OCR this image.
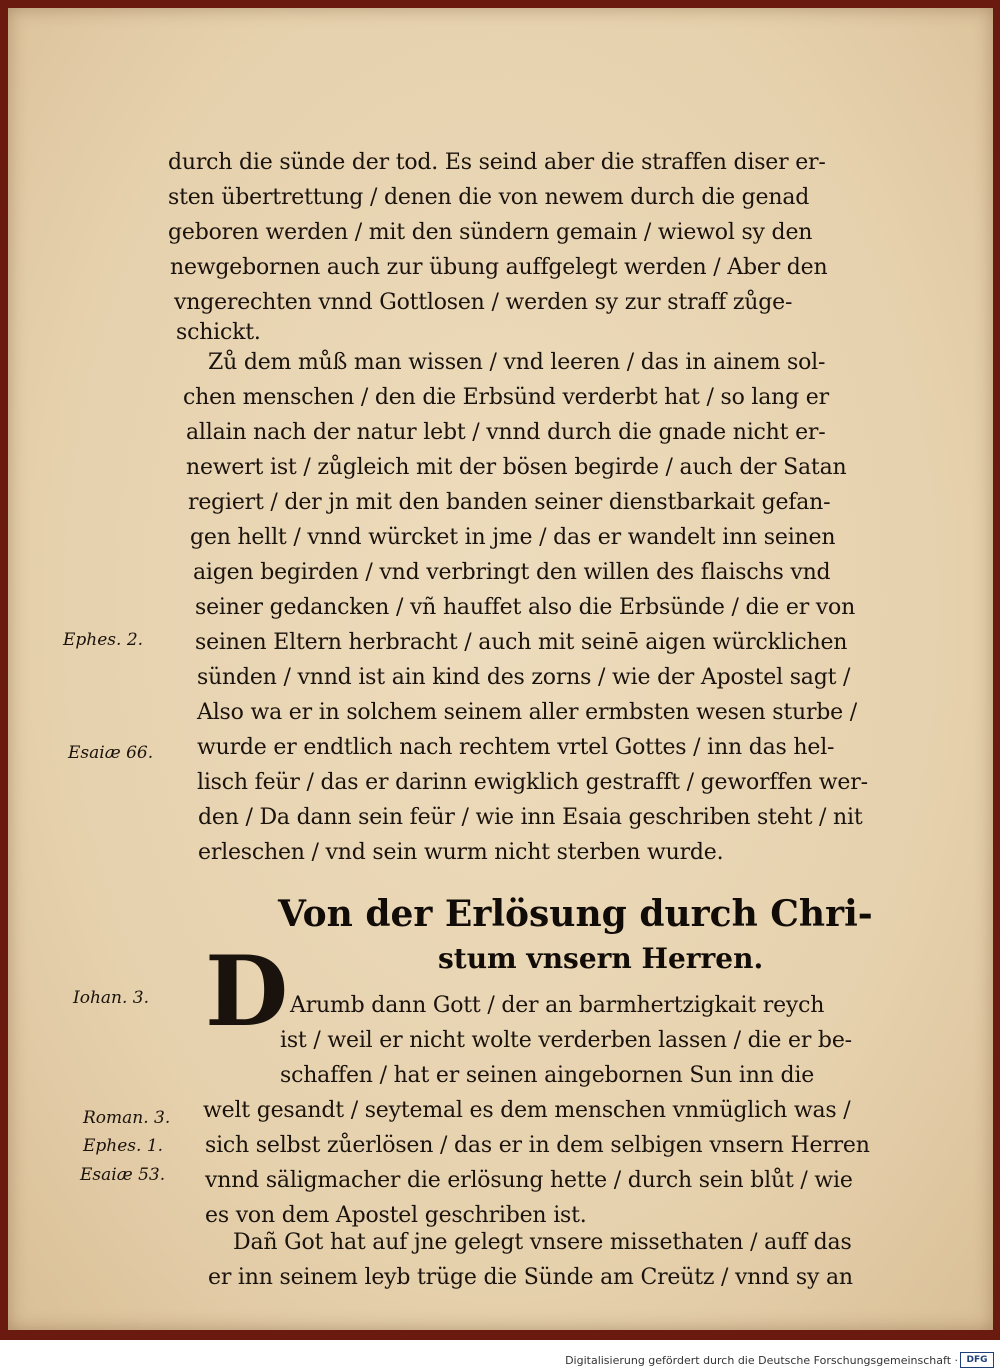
durch die sünde der tod. Es seind aber die straffen diser er-
sten übertrettung / denen die von newem durch die genad
geboren werden / mit den sündern gemain / wiewol sy den
newgebornen auch zur übung auffgelegt werden / Aber den
vngerechten vnnd Gottlosen / werden sy zur straff zůge-
schickt.
Zů dem můß man wissen / vnd leeren / das in ainem sol-
chen menschen / den die Erbsünd verderbt hat / so lang er
allain nach der natur lebt / vnnd durch die gnade nicht er-
newert ist / zůgleich mit der bösen begirde / auch der Satan
regiert / der jn mit den banden seiner dienstbarkait gefan-
gen hellt / vnnd würcket in jme / das er wandelt inn seinen
aigen begirden / vnd verbringt den willen des flaischs vnd
seiner gedancken / vñ hauffet also die Erbsünde / die er von
seinen Eltern herbracht / auch mit seinē aigen würcklichen
sünden / vnnd ist ain kind des zorns / wie der Apostel sagt /
Also wa er in solchem seinem aller ermbsten wesen sturbe /
wurde er endtlich nach rechtem vrtel Gottes / inn das hel-
lisch feür / das er darinn ewigklich gestrafft / geworffen wer-
den / Da dann sein feür / wie inn Esaia geschriben steht / nit
erleschen / vnd sein wurm nicht sterben wurde.
Von der Erlösung durch Chri-
stum vnsern Herren.
D Arumb dann Gott / der an barmhertzigkait reych
ist / weil er nicht wolte verderben lassen / die er be-
schaffen / hat er seinen aingebornen Sun inn die
welt gesandt / seytemal es dem menschen vnmüglich was /
sich selbst zůerlösen / das er in dem selbigen vnsern Herren
vnnd säligmacher die erlösung hette / durch sein blůt / wie
es von dem Apostel geschriben ist.
Dañ Got hat auf jne gelegt vnsere missethaten / auff das
er inn seinem leyb trüge die Sünde am Creütz / vnnd sy an
Ephes. 2.
Esaiæ 66.
Iohan. 3.
Roman. 3.
Ephes. 1.
Esaiæ 53.
Digitalisierung gefördert durch die Deutsche Forschungsgemeinschaft · DFG
